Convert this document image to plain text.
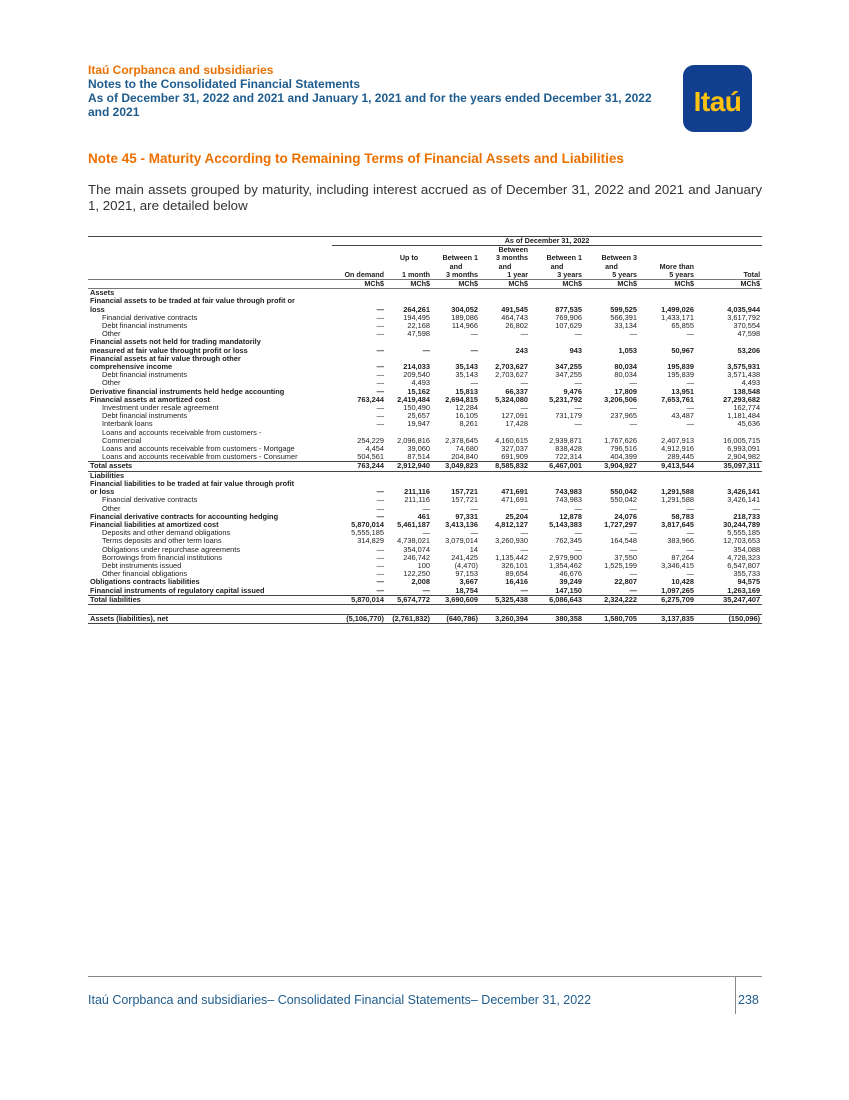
Itaú Corpbanca and subsidiaries
Notes to the Consolidated Financial Statements
As of December 31, 2022 and 2021 and January 1, 2021 and for the years ended December 31, 2022
and 2021	Itaú
Note 45 - Maturity According to Remaining Terms of Financial Assets and Liabilities
The main assets grouped by maturity, including interest accrued as of December 31, 2022 and 2021 and January 1, 2021, are detailed below
	As of December 31, 2022							
				Between				
		Up to	Between 1	3 months	Between 1	Between 3		
			and	and	and	and	More than	
	On demand	1 month	3 months	1 year	3 years	5 years	5 years	Total
	MCh$	MCh$	MCh$	MCh$	MCh$	MCh$	MCh$	MCh$
Assets								
Financial assets to be traded at fair value through profit or								
loss	—	264,261	304,052	491,545	877,535	599,525	1,499,026	4,035,944
Financial derivative contracts	—	194,495	189,086	464,743	769,906	566,391	1,433,171	3,617,792
Debt financial instruments	—	22,168	114,966	26,802	107,629	33,134	65,855	370,554
Other	—	47,598	—	—	—	—	—	47,598
Financial assets not held for trading mandatorily								
measured at fair value throught profit or loss	—	—	—	243	943	1,053	50,967	53,206
Financial assets at fair value through other								
comprehensive income	—	214,033	35,143	2,703,627	347,255	80,034	195,839	3,575,931
Debt financial instruments	—	209,540	35,143	2,703,627	347,255	80,034	195,839	3,571,438
Other	—	4,493	—	—	—	—	—	4,493
Derivative financial instruments held hedge accounting	—	15,162	15,813	66,337	9,476	17,809	13,951	138,548
Financial assets at amortized cost	763,244	2,419,484	2,694,815	5,324,080	5,231,792	3,206,506	7,653,761	27,293,682
Investment under resale agreement	—	150,490	12,284	—	—	—	—	162,774
Debt financial instruments	—	25,657	16,105	127,091	731,179	237,965	43,487	1,181,484
Interbank loans	—	19,947	8,261	17,428	—	—	—	45,636
Loans and accounts receivable from customers -								
Commercial	254,229	2,096,816	2,378,645	4,160,615	2,939,871	1,767,626	2,407,913	16,005,715
Loans and accounts receivable from customers - Mortgage	4,454	39,060	74,680	327,037	838,428	796,516	4,912,916	6,993,091
Loans and accounts receivable from customers - Consumer	504,561	87,514	204,840	691,909	722,314	404,399	289,445	2,904,982
Total assets	763,244	2,912,940	3,049,823	8,585,832	6,467,001	3,904,927	9,413,544	35,097,311
Liabilities								
Financial liabilities to be traded at fair value through profit								
or loss	—	211,116	157,721	471,691	743,983	550,042	1,291,588	3,426,141
Financial derivative contracts	—	211,116	157,721	471,691	743,983	550,042	1,291,588	3,426,141
Other	—	—	—	—	—	—	—	—
Financial derivative contracts for accounting hedging	—	461	97,331	25,204	12,878	24,076	58,783	218,733
Financial liabilities at amortized cost	5,870,014	5,461,187	3,413,136	4,812,127	5,143,383	1,727,297	3,817,645	30,244,789
Deposits and other demand obligations	5,555,185	—	—	—	—	—	—	5,555,185
Terms deposits and other term loans	314,829	4,738,021	3,079,014	3,260,930	762,345	164,548	383,966	12,703,653
Obligations under repurchase agreements	—	354,074	14	—	—	—	—	354,088
Borrowings from financial institutions	—	246,742	241,425	1,135,442	2,979,900	37,550	87,264	4,728,323
Debt instruments issued	—	100	(4,470)	326,101	1,354,462	1,525,199	3,346,415	6,547,807
Other financial obligations	—	122,250	97,153	89,654	46,676	—	—	355,733
Obligations contracts liabilities	—	2,008	3,667	16,416	39,249	22,807	10,428	94,575
Financial instruments of regulatory capital issued	—	—	18,754	—	147,150	—	1,097,265	1,263,169
Total liabilities	5,870,014	5,674,772	3,690,609	5,325,438	6,086,643	2,324,222	6,275,709	35,247,407

Assets (liabilities), net	(5,106,770)	(2,761,832)	(640,786)	3,260,394	380,358	1,580,705	3,137,835	(150,096)
Itaú Corpbanca and subsidiaries– Consolidated Financial Statements– December 31, 2022	238
